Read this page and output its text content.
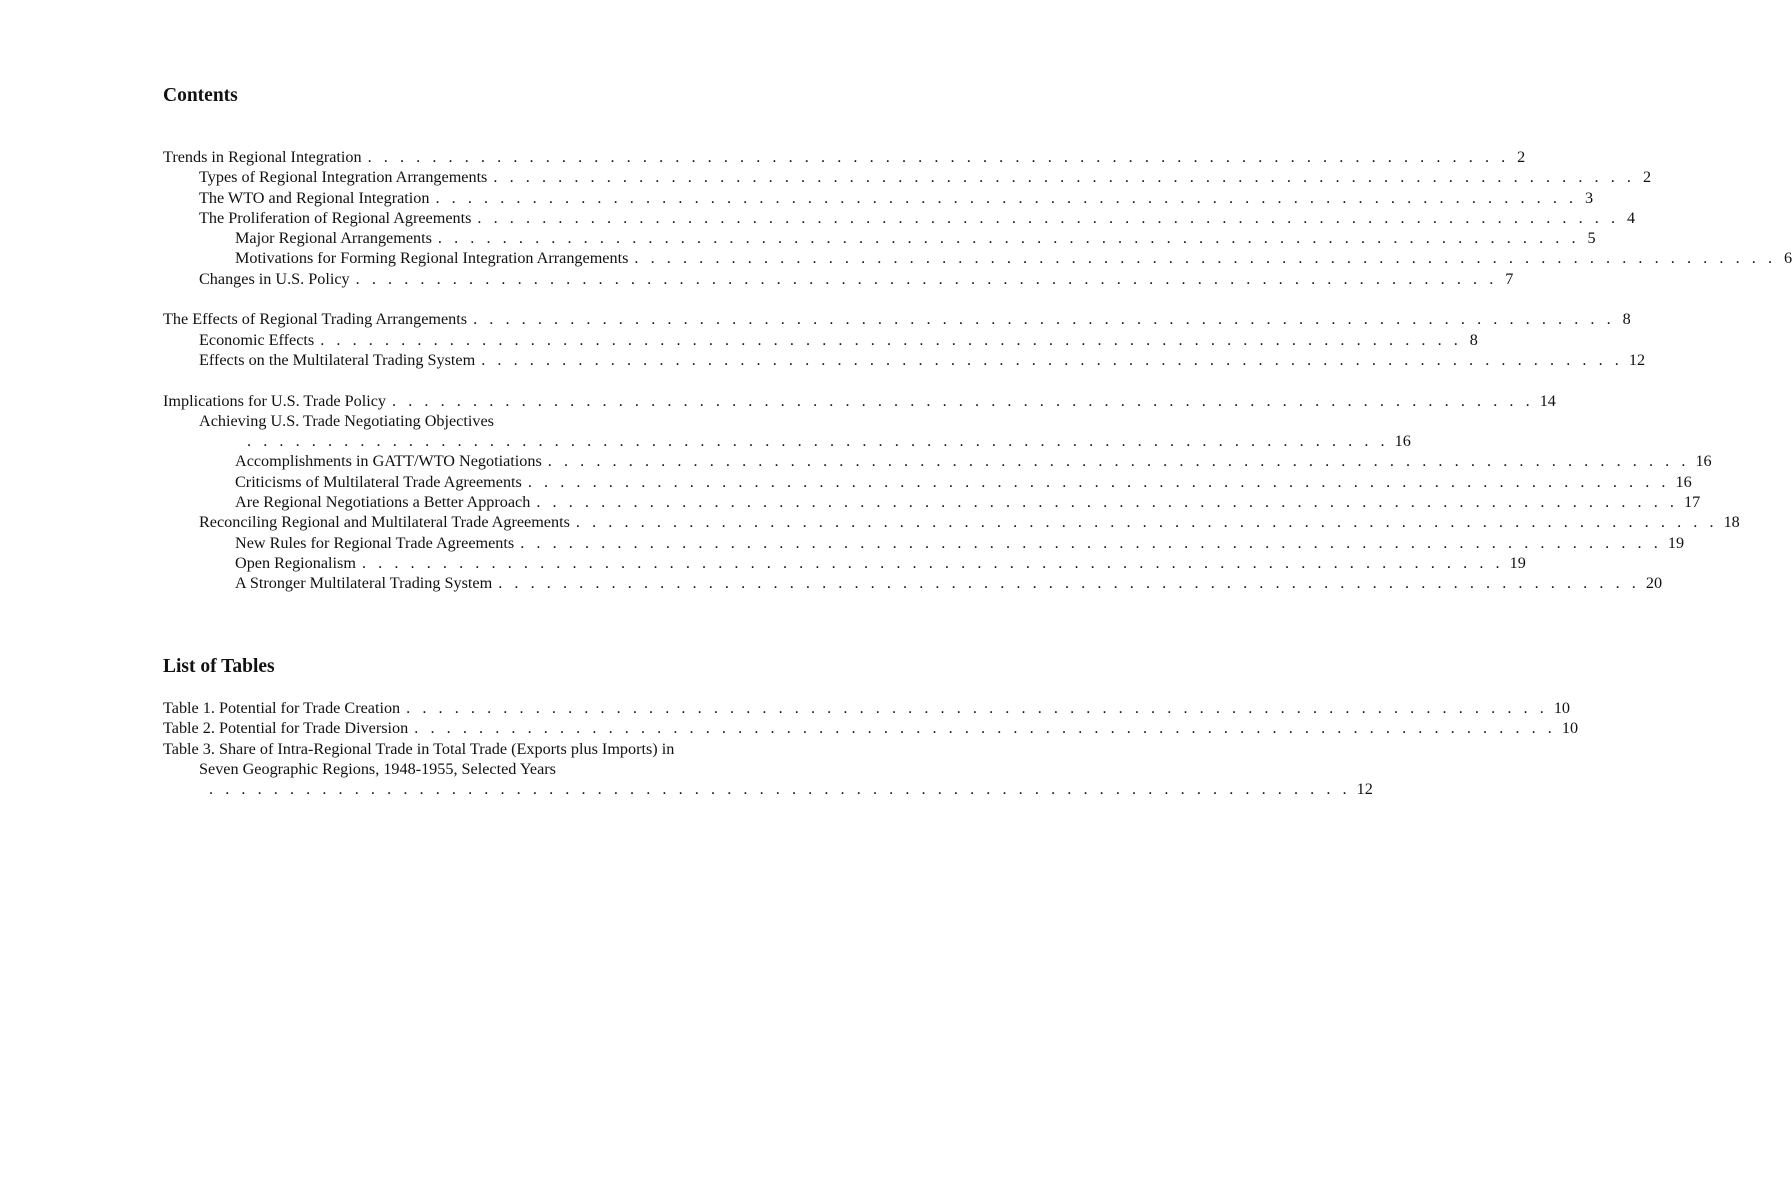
Contents
Trends in Regional Integration . . . . . . . . . . . . . . . . . . . . . . . . . . . . . . . . . . . . . . . . . . . . . . . . . . . . . . . . . . . . . . . . . . . . . . . 2
Types of Regional Integration Arrangements . . . . . . . . . . . . . . . . . . . . . . . . . . . . . . . . . . . . . . . . . . . . . . . . . . . . . . . . . . . . . . . . . . . . . . . 2
The WTO and Regional Integration . . . . . . . . . . . . . . . . . . . . . . . . . . . . . . . . . . . . . . . . . . . . . . . . . . . . . . . . . . . . . . . . . . . . . . . 3
The Proliferation of Regional Agreements . . . . . . . . . . . . . . . . . . . . . . . . . . . . . . . . . . . . . . . . . . . . . . . . . . . . . . . . . . . . . . . . . . . . . . . 4
Major Regional Arrangements . . . . . . . . . . . . . . . . . . . . . . . . . . . . . . . . . . . . . . . . . . . . . . . . . . . . . . . . . . . . . . . . . . . . . . . 5
Motivations for Forming Regional Integration Arrangements . . . . . . . . . . . . . . . . . . . . . . . . . . . . . . . . . . . . . . . . . . . . . . . . . . . . . . . . . . . . . . . . . . . . . . . 6
Changes in U.S. Policy . . . . . . . . . . . . . . . . . . . . . . . . . . . . . . . . . . . . . . . . . . . . . . . . . . . . . . . . . . . . . . . . . . . . . . . 7
The Effects of Regional Trading Arrangements . . . . . . . . . . . . . . . . . . . . . . . . . . . . . . . . . . . . . . . . . . . . . . . . . . . . . . . . . . . . . . . . . . . . . . . 8
Economic Effects . . . . . . . . . . . . . . . . . . . . . . . . . . . . . . . . . . . . . . . . . . . . . . . . . . . . . . . . . . . . . . . . . . . . . . . 8
Effects on the Multilateral Trading System . . . . . . . . . . . . . . . . . . . . . . . . . . . . . . . . . . . . . . . . . . . . . . . . . . . . . . . . . . . . . . . . . . . . . . . 12
Implications for U.S. Trade Policy . . . . . . . . . . . . . . . . . . . . . . . . . . . . . . . . . . . . . . . . . . . . . . . . . . . . . . . . . . . . . . . . . . . . . . . 14
Achieving U.S. Trade Negotiating Objectives
. . . . . . . . . . . . . . . . . . . . . . . . . . . . . . . . . . . . . . . . . . . . . . . . . . . . . . . . . . . . . . . . . . . . . . . 16
Accomplishments in GATT/WTO Negotiations . . . . . . . . . . . . . . . . . . . . . . . . . . . . . . . . . . . . . . . . . . . . . . . . . . . . . . . . . . . . . . . . . . . . . . . 16
Criticisms of Multilateral Trade Agreements . . . . . . . . . . . . . . . . . . . . . . . . . . . . . . . . . . . . . . . . . . . . . . . . . . . . . . . . . . . . . . . . . . . . . . . 16
Are Regional Negotiations a Better Approach . . . . . . . . . . . . . . . . . . . . . . . . . . . . . . . . . . . . . . . . . . . . . . . . . . . . . . . . . . . . . . . . . . . . . . . 17
Reconciling Regional and Multilateral Trade Agreements . . . . . . . . . . . . . . . . . . . . . . . . . . . . . . . . . . . . . . . . . . . . . . . . . . . . . . . . . . . . . . . . . . . . . . . 18
New Rules for Regional Trade Agreements . . . . . . . . . . . . . . . . . . . . . . . . . . . . . . . . . . . . . . . . . . . . . . . . . . . . . . . . . . . . . . . . . . . . . . . 19
Open Regionalism . . . . . . . . . . . . . . . . . . . . . . . . . . . . . . . . . . . . . . . . . . . . . . . . . . . . . . . . . . . . . . . . . . . . . . . 19
A Stronger Multilateral Trading System . . . . . . . . . . . . . . . . . . . . . . . . . . . . . . . . . . . . . . . . . . . . . . . . . . . . . . . . . . . . . . . . . . . . . . . 20
List of Tables
Table 1. Potential for Trade Creation . . . . . . . . . . . . . . . . . . . . . . . . . . . . . . . . . . . . . . . . . . . . . . . . . . . . . . . . . . . . . . . . . . . . . . . 10
Table 2. Potential for Trade Diversion . . . . . . . . . . . . . . . . . . . . . . . . . . . . . . . . . . . . . . . . . . . . . . . . . . . . . . . . . . . . . . . . . . . . . . . 10
Table 3. Share of Intra-Regional Trade in Total Trade (Exports plus Imports) in
Seven Geographic Regions, 1948-1955, Selected Years
. . . . . . . . . . . . . . . . . . . . . . . . . . . . . . . . . . . . . . . . . . . . . . . . . . . . . . . . . . . . . . . . . . . . . . . 12
